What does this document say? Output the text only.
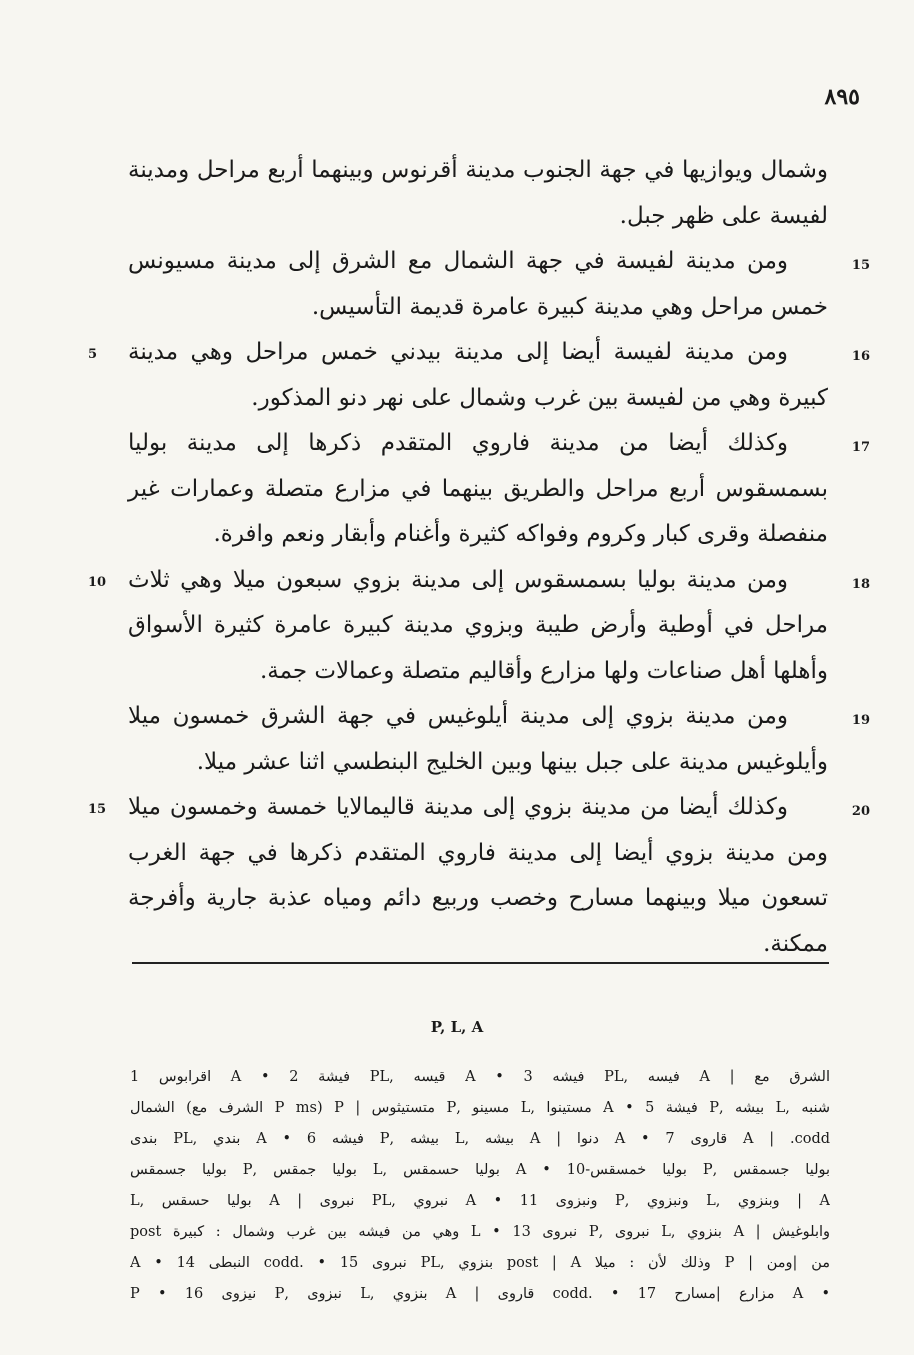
٨٩٥
وشمال ويوازيها في جهة الجنوب مدينة أقرنوس وبينهما أربع مراحل ومدينة لفيسة على ظهر جبل.
15
ومن مدينة لفيسة في جهة الشمال مع الشرق إلى مدينة مسيونس خمس مراحل وهي مدينة كبيرة عامرة قديمة التأسيس.
16
5 ومن مدينة لفيسة أيضا إلى مدينة بيدني خمس مراحل وهي مدينة كبيرة وهي من لفيسة بين غرب وشمال على نهر دنو المذكور.
17
وكذلك أيضا من مدينة فاروي المتقدم ذكرها إلى مدينة بوليا بسمسقوس أربع مراحل والطريق بينهما في مزارع متصلة وعمارات غير منفصلة وقرى كبار وكروم وفواكه كثيرة وأغنام وأبقار ونعم وافرة.
18
10 ومن مدينة بوليا بسمسقوس إلى مدينة بزوي سبعون ميلا وهي ثلاث مراحل في أوطية وأرض طيبة وبزوي مدينة كبيرة عامرة كثيرة الأسواق وأهلها أهل صناعات ولها مزارع وأقاليم متصلة وعمالات جمة.
19
ومن مدينة بزوي إلى مدينة أيلوغيس في جهة الشرق خمسون ميلا وأيلوغيس مدينة على جبل بينها وبين الخليج البنطسي اثنا عشر ميلا.
20
15 وكذلك أيضا من مدينة بزوي إلى مدينة قاليمالايا خمسة وخمسون ميلا ومن مدينة بزوي أيضا إلى مدينة فاروي المتقدم ذكرها في جهة الغرب تسعون ميلا وبينهما مسارح وخصب وربيع دائم ومياه عذبة جارية وأفرجة ممكنة.
P, L, A
الشرق مع | A فيسه ,PL فيشه 3 • A قيسه ,PL فيشة 2 • A اقرابوس 1
شنبه ,L بيشه ,P فيشة 5 • A مستينوا ,L مسينو ,P متستيثوس | P (P ms الشرف مع) الشمال
A | .codd قاروى 7 • A دنوا | A بيشه ,L بيشه ,P فيشه 6 • A بندي ,PL بندى
بوليا جسمقس ,P بوليا خمسقس-10 • A بوليا حسمقس ,L بوليا جمقس ,P بوليا جسمقس
A | وبنزوي ,L ونبزوي ,P ونبزوى 11 • A نبروي ,PL نبروى | A بوليا حسقس ,L
وابلوغيش | A بنزوي ,L نبروى ,P نبروى 13 • L وهي من فيشه بين غرب وشمال : كبيرة post
من |ومن | P وذلك لأن : ميلا post | A بنزوي ,PL نبروى 15 • .codd النبطى 14 • A
• A مزارع |مسارح 17 • .codd قاروى | A بنزوي ,L نبزوى ,P نيزوى 16 • P
